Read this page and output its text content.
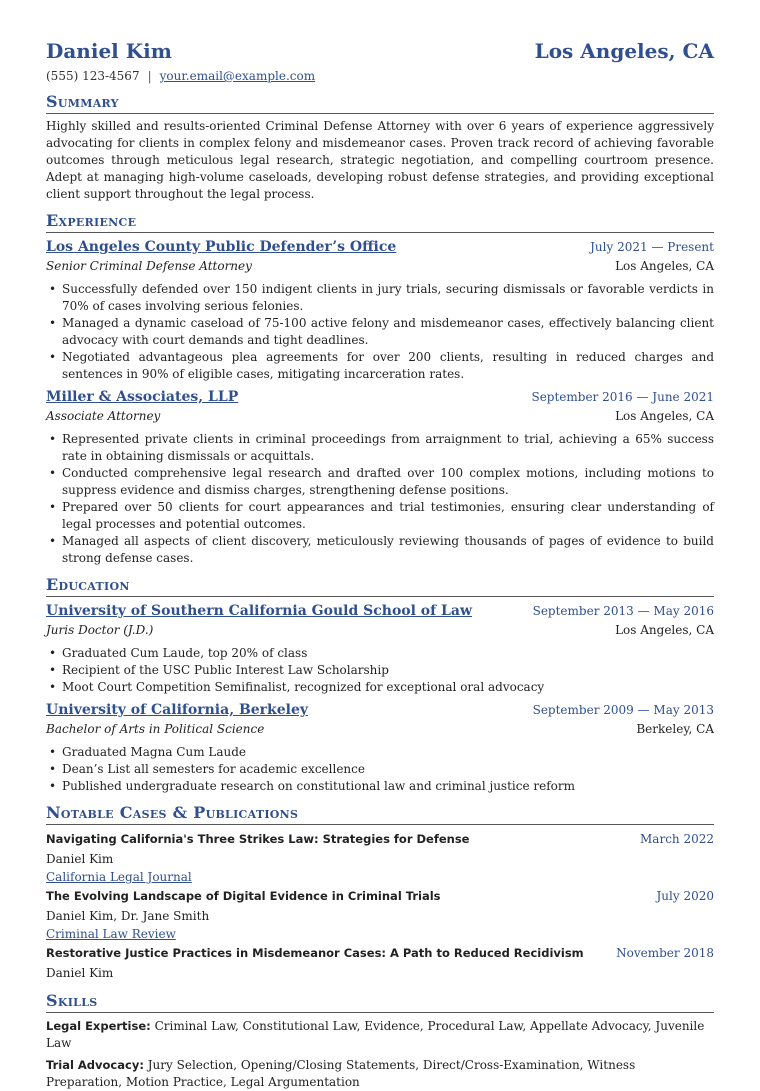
Daniel Kim	Los Angeles, CA
(555) 123-4567 | your.email@example.com
Summary

Highly skilled and results-oriented Criminal Defense Attorney with over 6 years of experience aggressively advocating for clients in complex felony and misdemeanor cases. Proven track record of achieving favorable outcomes through meticulous legal research, strategic negotiation, and compelling courtroom presence. Adept at managing high-volume caseloads, developing robust defense strategies, and providing exceptional client support throughout the legal process.

Experience
Los Angeles County Public Defender’s Office	July 2021 — Present
Senior Criminal Defense Attorney	Los Angeles, CA
• Successfully defended over 150 indigent clients in jury trials, securing dismissals or favorable verdicts in 70% of cases involving serious felonies.
• Managed a dynamic caseload of 75-100 active felony and misdemeanor cases, effectively balancing client advocacy with court demands and tight deadlines.
• Negotiated advantageous plea agreements for over 200 clients, resulting in reduced charges and sentences in 90% of eligible cases, mitigating incarceration rates.
Miller & Associates, LLP	September 2016 — June 2021
Associate Attorney	Los Angeles, CA
• Represented private clients in criminal proceedings from arraignment to trial, achieving a 65% success rate in obtaining dismissals or acquittals.
• Conducted comprehensive legal research and drafted over 100 complex motions, including motions to suppress evidence and dismiss charges, strengthening defense positions.
• Prepared over 50 clients for court appearances and trial testimonies, ensuring clear understanding of legal processes and potential outcomes.
• Managed all aspects of client discovery, meticulously reviewing thousands of pages of evidence to build strong defense cases.
Education
University of Southern California Gould School of Law	September 2013 — May 2016
Juris Doctor (J.D.)	Los Angeles, CA
• Graduated Cum Laude, top 20% of class
• Recipient of the USC Public Interest Law Scholarship
• Moot Court Competition Semifinalist, recognized for exceptional oral advocacy
University of California, Berkeley	September 2009 — May 2013
Bachelor of Arts in Political Science	Berkeley, CA
• Graduated Magna Cum Laude
• Dean’s List all semesters for academic excellence
• Published undergraduate research on constitutional law and criminal justice reform
Notable Cases & Publications
Navigating California's Three Strikes Law: Strategies for Defense	March 2022
Daniel Kim
California Legal Journal
The Evolving Landscape of Digital Evidence in Criminal Trials	July 2020
Daniel Kim, Dr. Jane Smith
Criminal Law Review
Restorative Justice Practices in Misdemeanor Cases: A Path to Reduced Recidivism	November 2018
Daniel Kim
Skills
Legal Expertise: Criminal Law, Constitutional Law, Evidence, Procedural Law, Appellate Advocacy, Juvenile Law
Trial Advocacy: Jury Selection, Opening/Closing Statements, Direct/Cross-Examination, Witness Preparation, Motion Practice, Legal Argumentation
